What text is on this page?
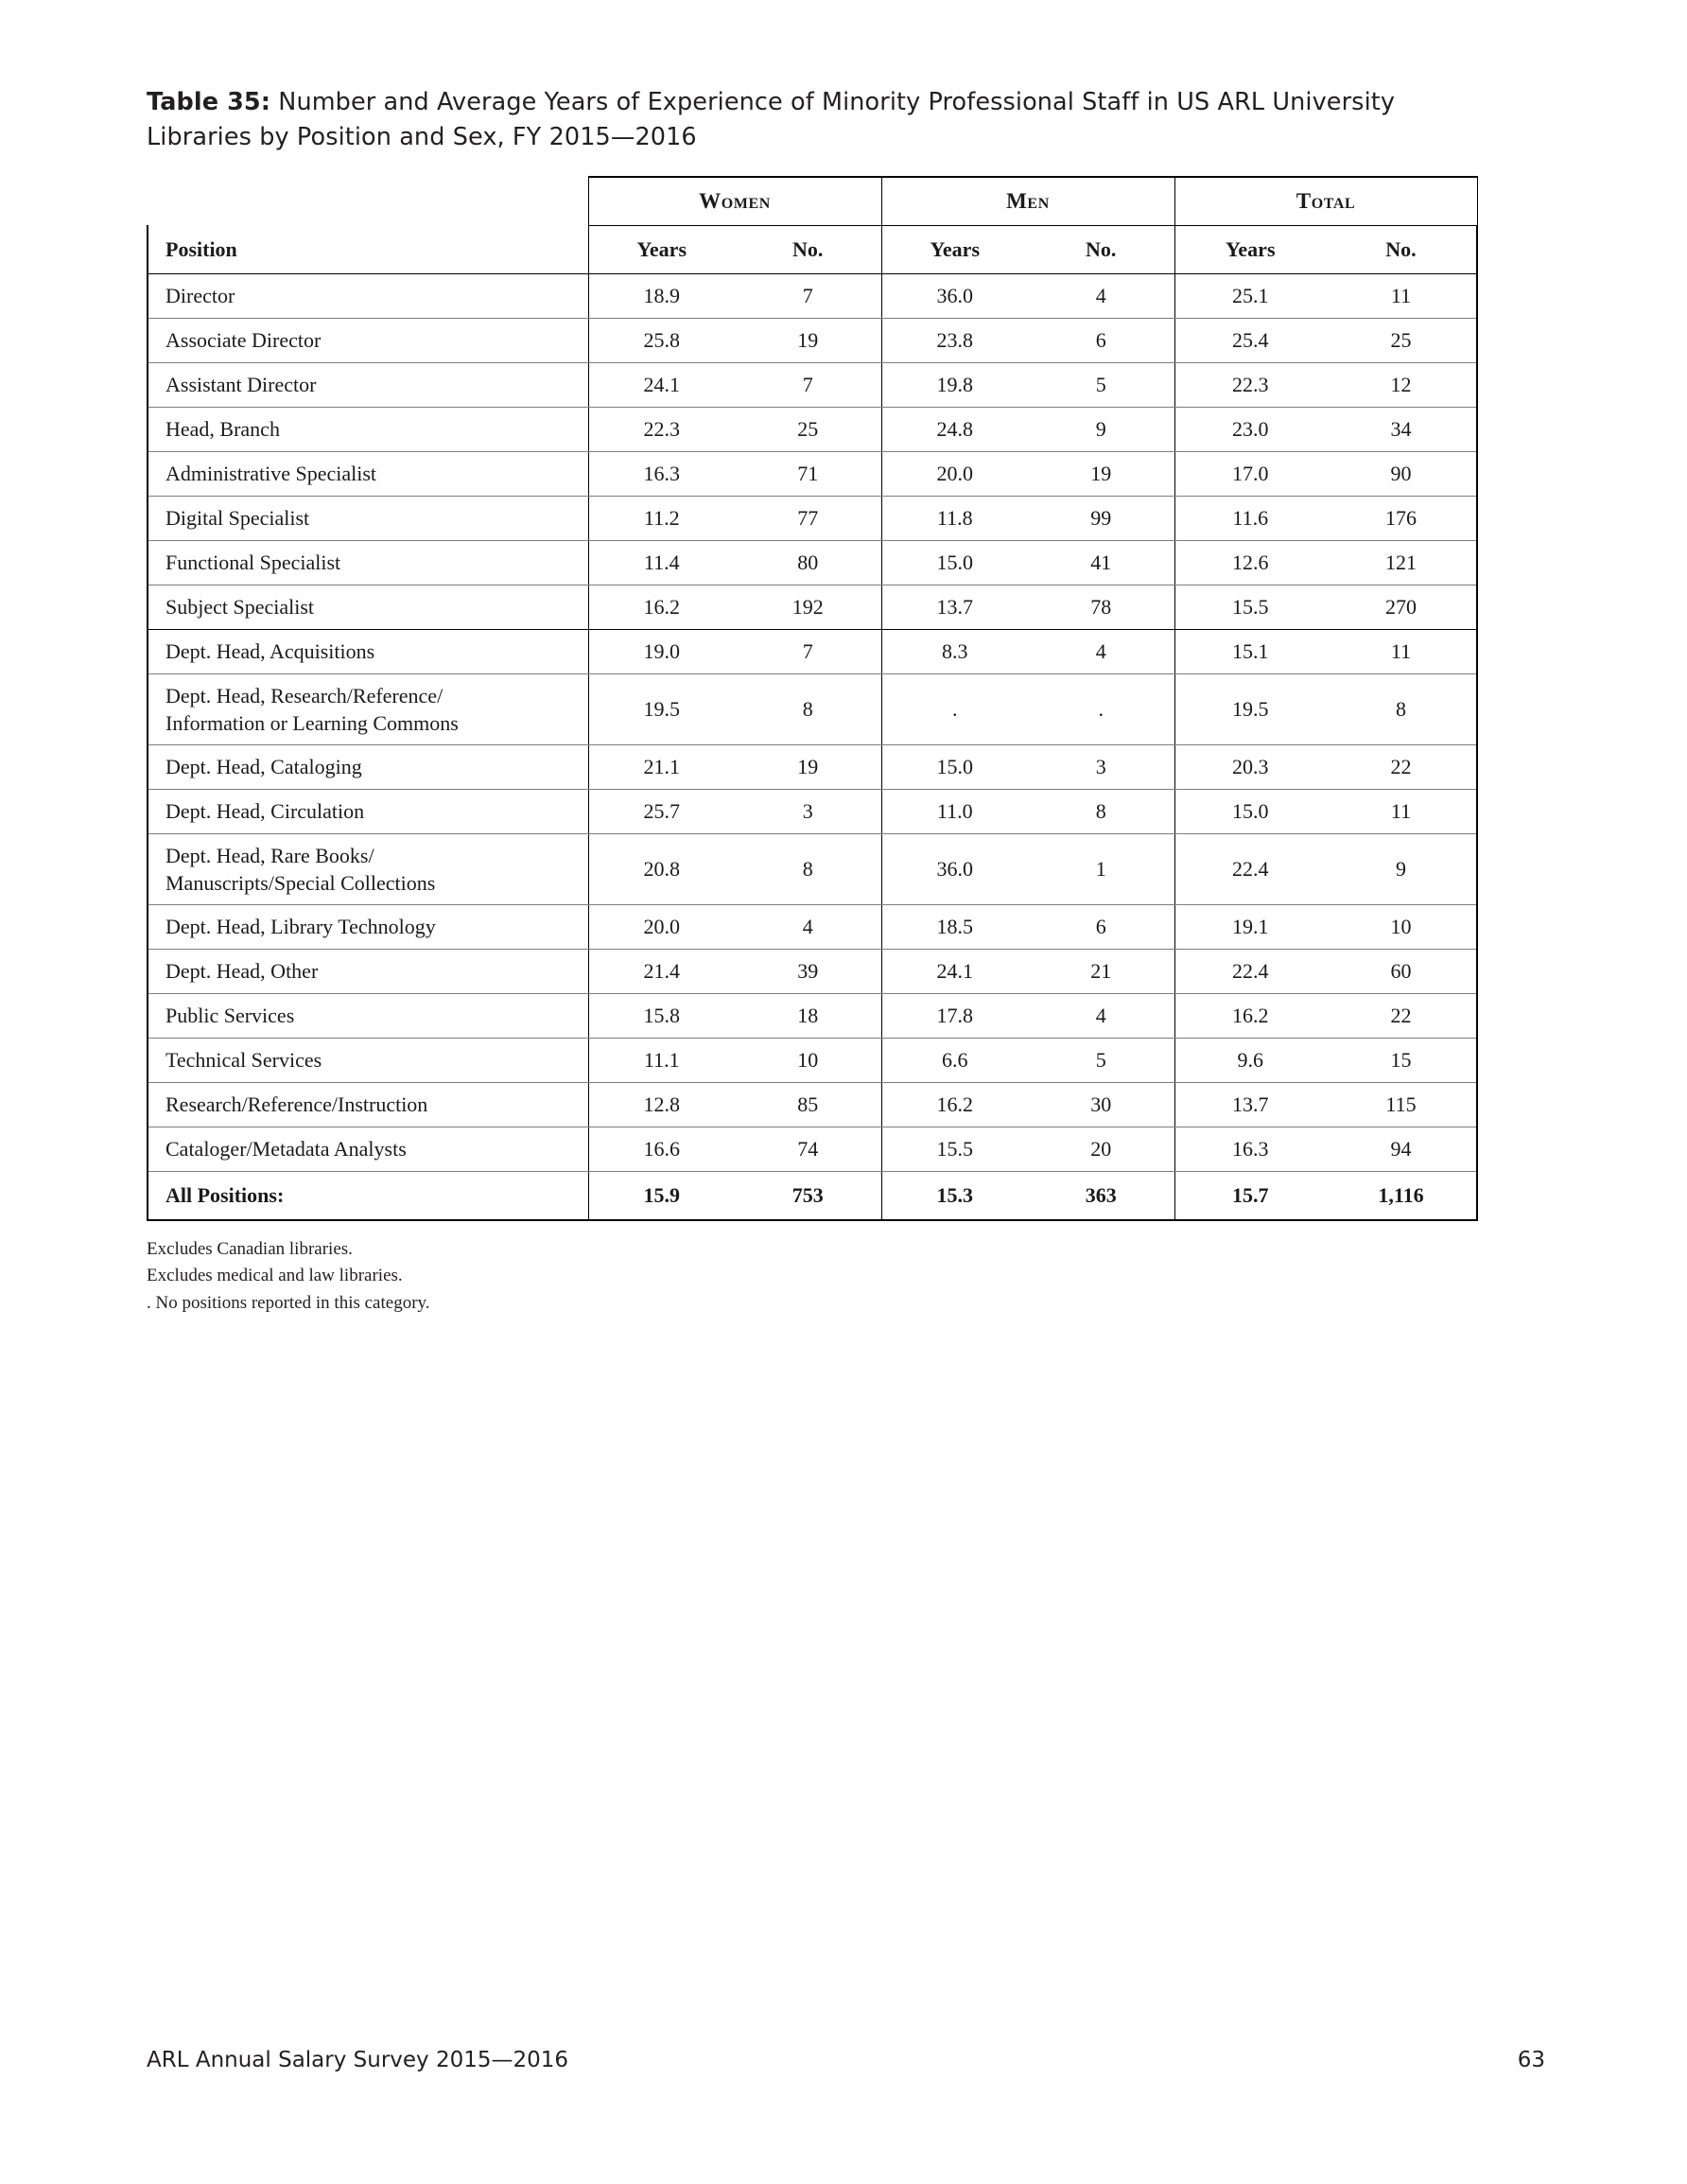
Table 35: Number and Average Years of Experience of Minority Professional Staff in US ARL University Libraries by Position and Sex, FY 2015—2016

	Women		Men		Total	
Position	Years	No.	Years	No.	Years	No.
Director	18.9	7	36.0	4	25.1	11
Associate Director	25.8	19	23.8	6	25.4	25
Assistant Director	24.1	7	19.8	5	22.3	12
Head, Branch	22.3	25	24.8	9	23.0	34
Administrative Specialist	16.3	71	20.0	19	17.0	90
Digital Specialist	11.2	77	11.8	99	11.6	176
Functional Specialist	11.4	80	15.0	41	12.6	121
Subject Specialist	16.2	192	13.7	78	15.5	270
Dept. Head, Acquisitions	19.0	7	8.3	4	15.1	11
Dept. Head, Research/Reference/
Information or Learning Commons	19.5	8	.	.	19.5	8
Dept. Head, Cataloging	21.1	19	15.0	3	20.3	22
Dept. Head, Circulation	25.7	3	11.0	8	15.0	11
Dept. Head, Rare Books/
Manuscripts/Special Collections	20.8	8	36.0	1	22.4	9
Dept. Head, Library Technology	20.0	4	18.5	6	19.1	10
Dept. Head, Other	21.4	39	24.1	21	22.4	60
Public Services	15.8	18	17.8	4	16.2	22
Technical Services	11.1	10	6.6	5	9.6	15
Research/Reference/Instruction	12.8	85	16.2	30	13.7	115
Cataloger/Metadata Analysts	16.6	74	15.5	20	16.3	94
All Positions:	15.9	753	15.3	363	15.7	1,116
Excludes Canadian libraries.
Excludes medical and law libraries.
. No positions reported in this category.
ARL Annual Salary Survey 2015—2016	63
